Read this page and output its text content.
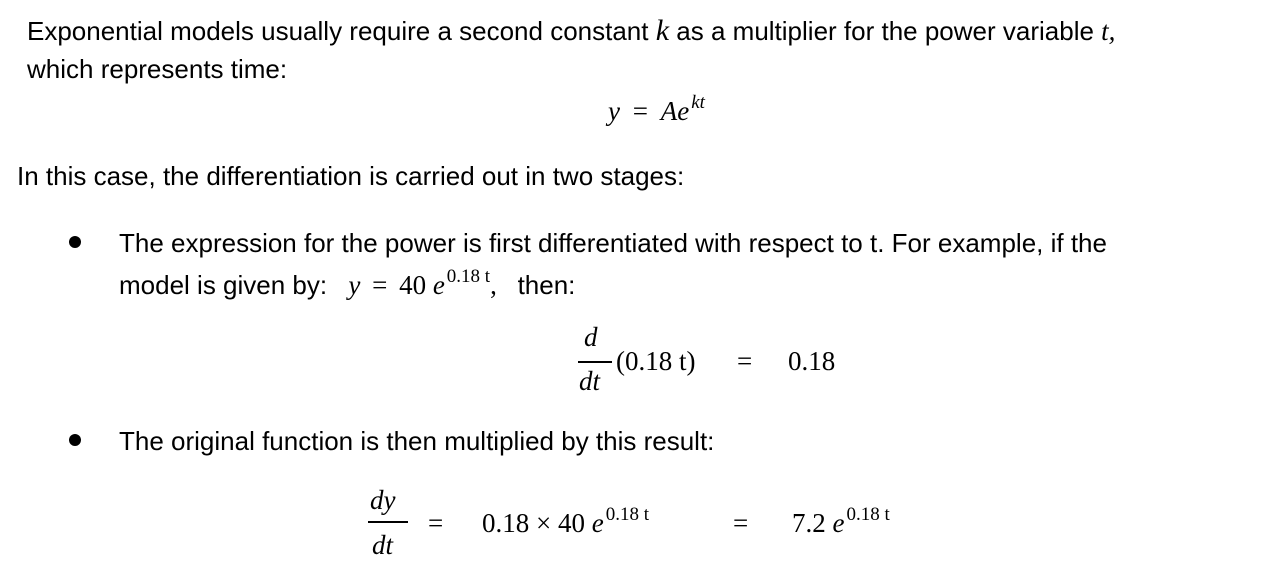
Exponential models usually require a second constant k as a multiplier for the power variable t,
which represents time:
y = Ae $^{kt}$
In this case, the differentiation is carried out in two stages:
The expression for the power is first differentiated with respect to t. For example, if the
model is given by: y = 40 e $^{0.18 t}$, then:
d
dt
(0.18 t) = 0.18
The original function is then multiplied by this result:
dy
dt
= 0.18 × 40 e $^{0.18 t}$	= 7.2 e $^{0.18 t}$
